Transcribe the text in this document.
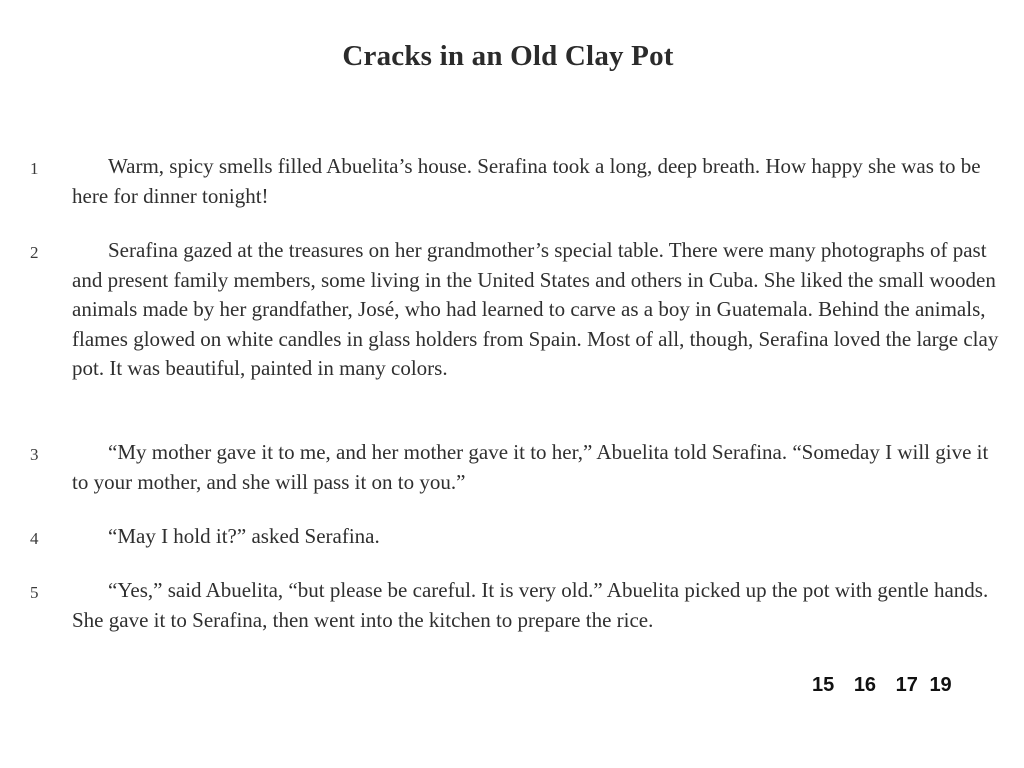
Cracks in an Old Clay Pot
1	Warm, spicy smells filled Abuelita’s house. Serafina took a long, deep breath. How happy she was to be here for dinner tonight!
2	Serafina gazed at the treasures on her grandmother’s special table. There were many photographs of past and present family members, some living in the United States and others in Cuba. She liked the small wooden animals made by her grandfather, José, who had learned to carve as a boy in Guatemala. Behind the animals, flames glowed on white candles in glass holders from Spain. Most of all, though, Serafina loved the large clay pot. It was beautiful, painted in many colors.
3	“My mother gave it to me, and her mother gave it to her,” Abuelita told Serafina. “Someday I will give it to your mother, and she will pass it on to you.”
4	“May I hold it?” asked Serafina.
5	“Yes,” said Abuelita, “but please be careful. It is very old.” Abuelita picked up the pot with gentle hands. She gave it to Serafina, then went into the kitchen to prepare the rice.
15 16 17 19
